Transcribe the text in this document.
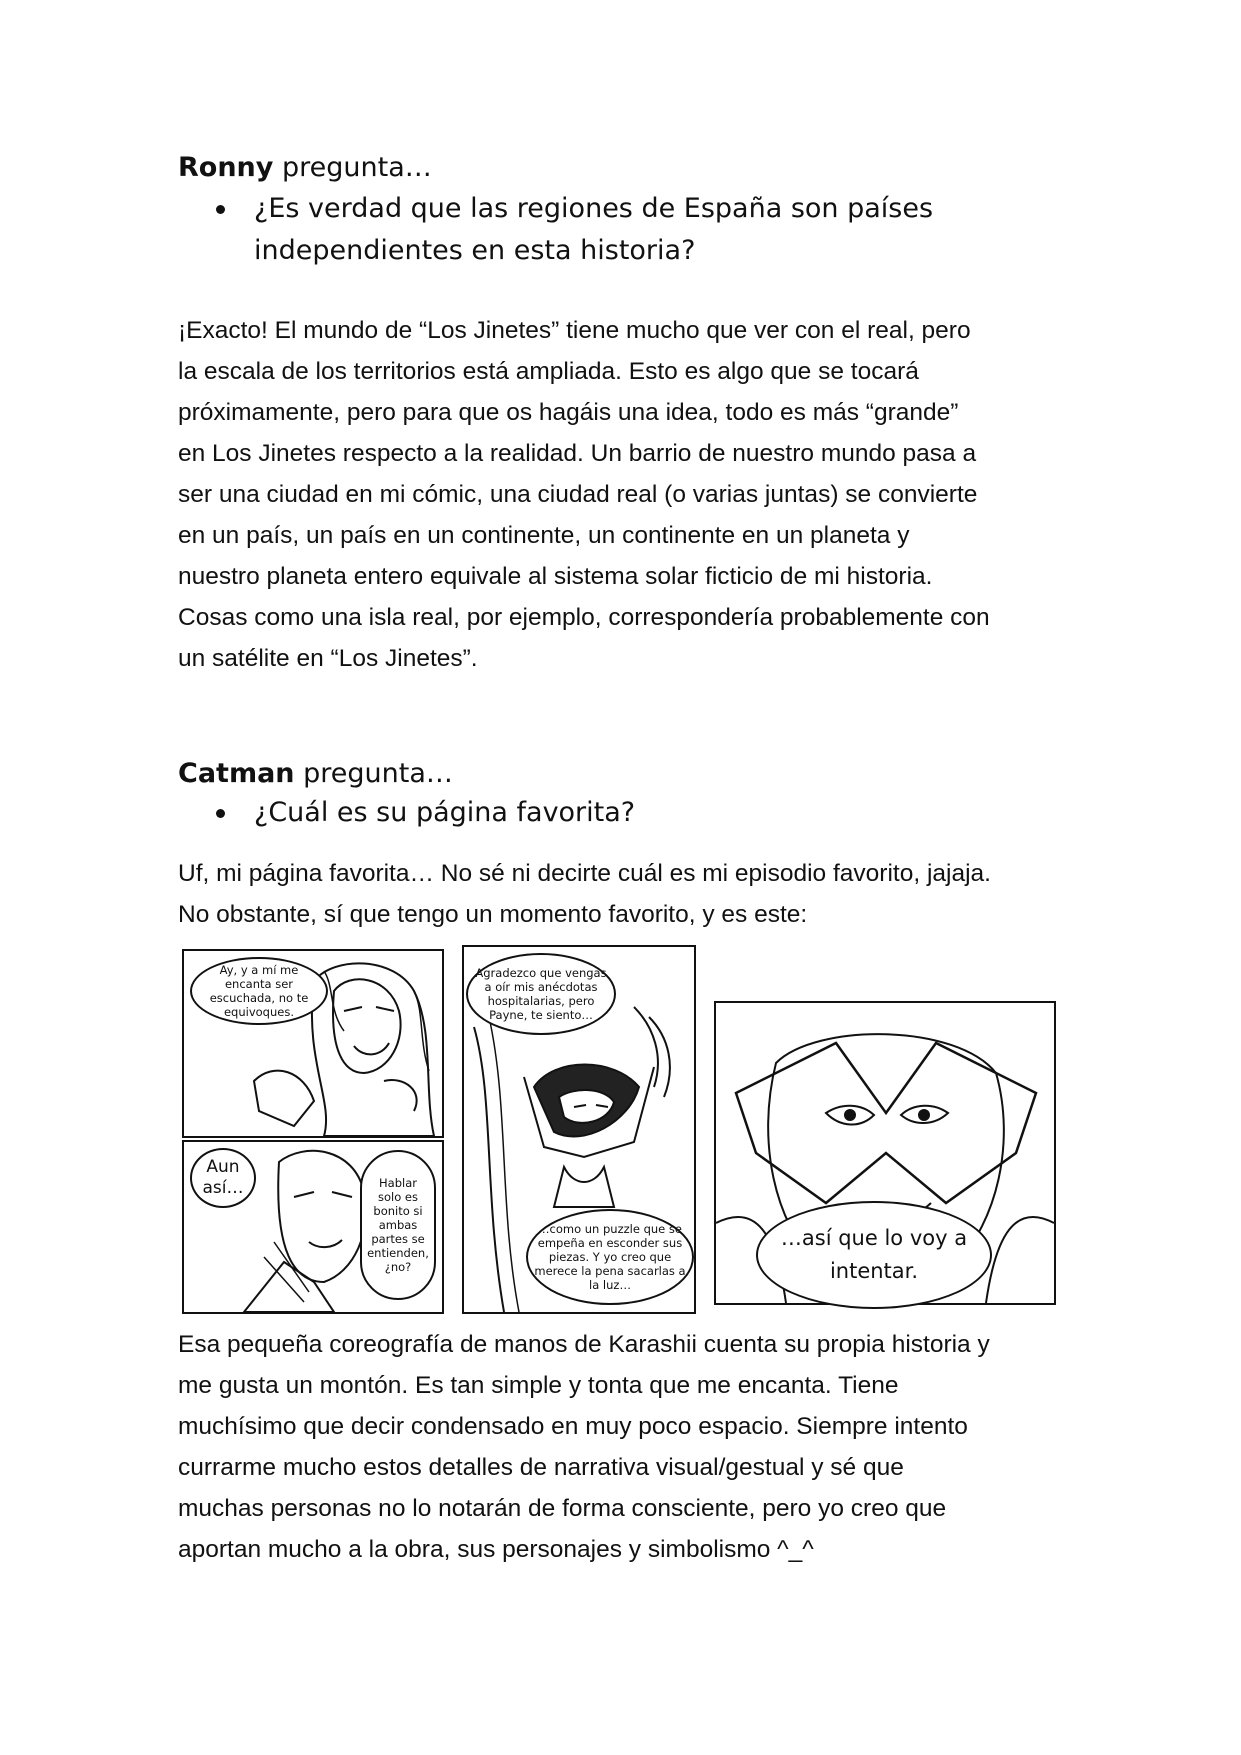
Ronny pregunta…
¿Es verdad que las regiones de España son países
independientes en esta historia?
¡Exacto! El mundo de “Los Jinetes” tiene mucho que ver con el real, pero
la escala de los territorios está ampliada. Esto es algo que se tocará
próximamente, pero para que os hagáis una idea, todo es más “grande”
en Los Jinetes respecto a la realidad. Un barrio de nuestro mundo pasa a
ser una ciudad en mi cómic, una ciudad real (o varias juntas) se convierte
en un país, un país en un continente, un continente en un planeta y
nuestro planeta entero equivale al sistema solar ficticio de mi historia.
Cosas como una isla real, por ejemplo, correspondería probablemente con
un satélite en “Los Jinetes”.
Catman pregunta…
¿Cuál es su página favorita?
Uf, mi página favorita… No sé ni decirte cuál es mi episodio favorito, jajaja.
No obstante, sí que tengo un momento favorito, y es este:
Ay, y a mí me encanta ser escuchada, no te equivoques.
Aun así…	Hablar solo es bonito si ambas partes se entienden, ¿no?
Agradezco que vengas a oír mis anécdotas hospitalarias, pero Payne, te siento…
…como un puzzle que se empeña en esconder sus piezas. Y yo creo que merece la pena sacarlas a la luz…
…así que lo voy a intentar.
Esa pequeña coreografía de manos de Karashii cuenta su propia historia y
me gusta un montón. Es tan simple y tonta que me encanta. Tiene
muchísimo que decir condensado en muy poco espacio. Siempre intento
currarme mucho estos detalles de narrativa visual/gestual y sé que
muchas personas no lo notarán de forma consciente, pero yo creo que
aportan mucho a la obra, sus personajes y simbolismo ^_^
